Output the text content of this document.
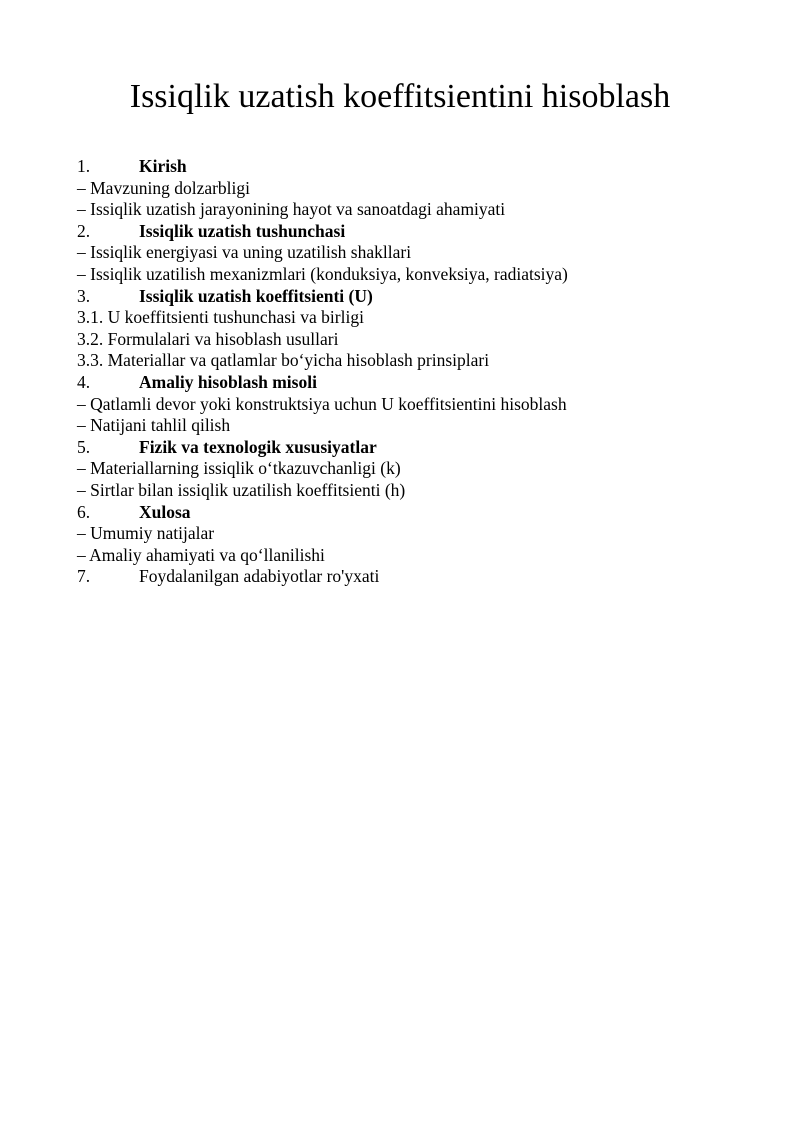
Issiqlik uzatish koeffitsientini hisoblash
1.	Kirish
– Mavzuning dolzarbligi
– Issiqlik uzatish jarayonining hayot va sanoatdagi ahamiyati
2.	Issiqlik uzatish tushunchasi
– Issiqlik energiyasi va uning uzatilish shakllari
– Issiqlik uzatilish mexanizmlari (konduksiya, konveksiya, radiatsiya)
3.	Issiqlik uzatish koeffitsienti (U)
3.1. U koeffitsienti tushunchasi va birligi
3.2. Formulalari va hisoblash usullari
3.3. Materiallar va qatlamlar bo‘yicha hisoblash prinsiplari
4.	Amaliy hisoblash misoli
– Qatlamli devor yoki konstruktsiya uchun U koeffitsientini hisoblash
– Natijani tahlil qilish
5.	Fizik va texnologik xususiyatlar
– Materiallarning issiqlik o‘tkazuvchanligi (k)
– Sirtlar bilan issiqlik uzatilish koeffitsienti (h)
6.	Xulosa
– Umumiy natijalar
– Amaliy ahamiyati va qo‘llanilishi
7.	Foydalanilgan adabiyotlar ro'yxati
